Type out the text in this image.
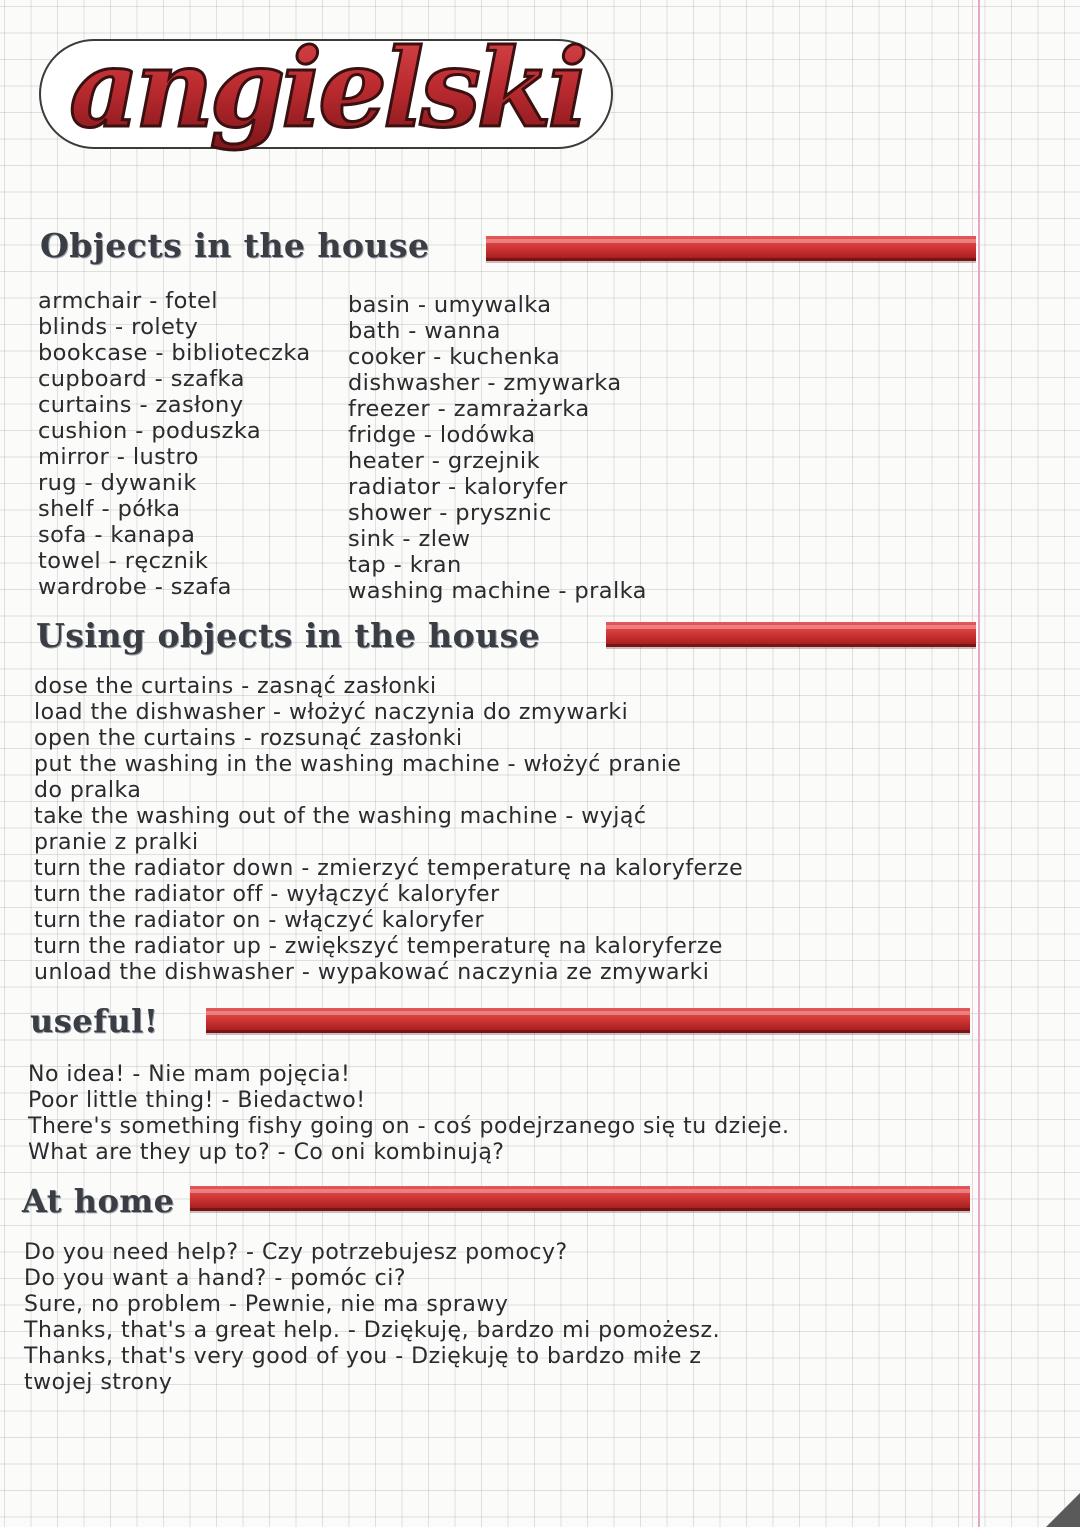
angielski
Objects in the house
armchair - fotel
blinds - rolety
bookcase - biblioteczka
cupboard - szafka
curtains - zasłony
cushion - poduszka
mirror - lustro
rug - dywanik
shelf - półka
sofa - kanapa
towel - ręcznik
wardrobe - szafa
basin - umywalka
bath - wanna
cooker - kuchenka
dishwasher - zmywarka
freezer - zamrażarka
fridge - lodówka
heater - grzejnik
radiator - kaloryfer
shower - prysznic
sink - zlew
tap - kran
washing machine - pralka
Using objects in the house
dose the curtains - zasnąć zasłonki
load the dishwasher - włożyć naczynia do zmywarki
open the curtains - rozsunąć zasłonki
put the washing in the washing machine - włożyć pranie
do pralka
take the washing out of the washing machine - wyjąć
pranie z pralki
turn the radiator down - zmierzyć temperaturę na kaloryferze
turn the radiator off - wyłączyć kaloryfer
turn the radiator on - włączyć kaloryfer
turn the radiator up - zwiększyć temperaturę na kaloryferze
unload the dishwasher - wypakować naczynia ze zmywarki
useful!
No idea! - Nie mam pojęcia!
Poor little thing! - Biedactwo!
There's something fishy going on - coś podejrzanego się tu dzieje.
What are they up to? - Co oni kombinują?
At home
Do you need help? - Czy potrzebujesz pomocy?
Do you want a hand? - pomóc ci?
Sure, no problem - Pewnie, nie ma sprawy
Thanks, that's a great help. - Dziękuję, bardzo mi pomożesz.
Thanks, that's very good of you - Dziękuję to bardzo miłe z
twojej strony
